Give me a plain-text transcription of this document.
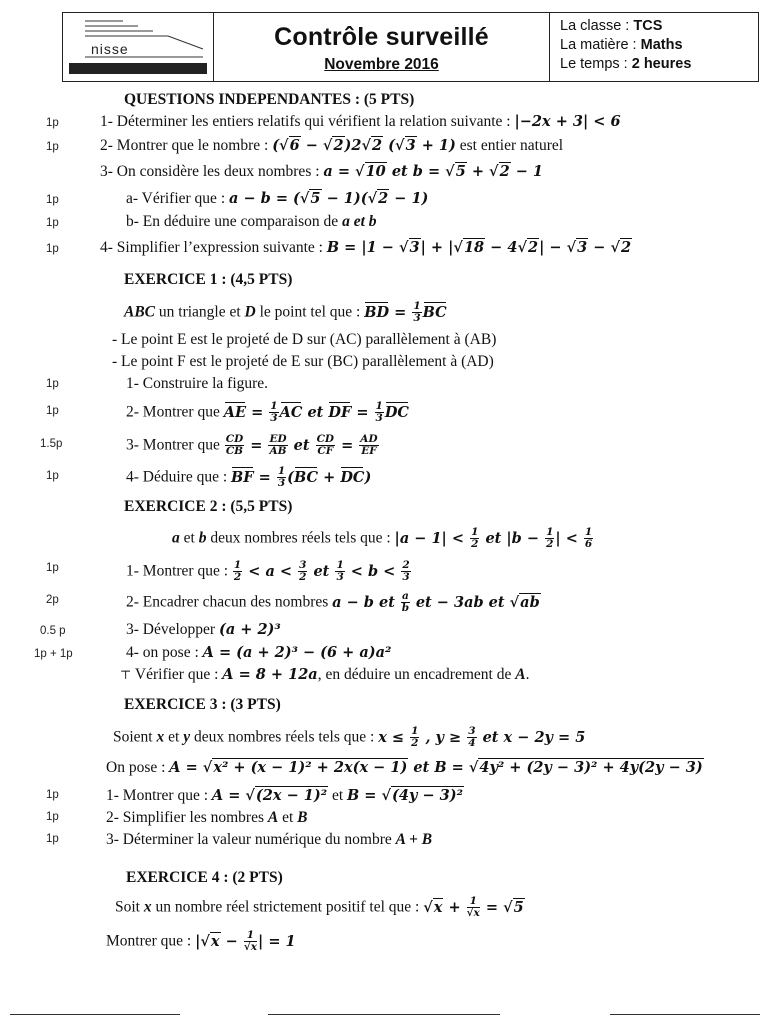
nisse	Contrôle surveillé
Novembre 2016
La classe : TCS
La matière : Maths
Le temps : 2 heures
1p
1p
1p
1p
1p
1p
1p
1.5p
1p
1p
2p
0.5 p
1p + 1p
1p
1p
1p
QUESTIONS INDEPENDANTES : (5 PTS)
1- Déterminer les entiers relatifs qui vérifient la relation suivante : |−2x + 3| < 6
2- Montrer que le nombre : (√6 − √2)2√2 (√3 + 1) est entier naturel
3- On considère les deux nombres : a = √10 et b = √5 + √2 − 1
a- Vérifier que : a − b = (√5 − 1)(√2 − 1)
b- En déduire une comparaison de a et b
4- Simplifier l’expression suivante : B = |1 − √3| + |√18 − 4√2| − √3 − √2
EXERCICE 1 : (4,5 PTS)
ABC un triangle et D le point tel que : BD = $\frac{1}{3}$ BC
- Le point E est le projeté de D sur (AC) parallèlement à (AB)
- Le point F est le projeté de E sur (BC) parallèlement à (AD)
1- Construire la figure.
2- Montrer que AE = $\frac{1}{3}$ AC et DF = $\frac{1}{3}$ DC
3- Montrer que $\frac{CD}{CB} = \frac{ED}{AB}$ et $\frac{CD}{CF} = \frac{AD}{EF}$
4- Déduire que : BF = $\frac{1}{3} (BC + DC)$
EXERCICE 2 : (5,5 PTS)
a et b deux nombres réels tels que : $|a - 1| < \frac{1}{2}$ et $|b - \frac{1}{2}$ | < $\frac{1}{6}$
1- Montrer que : $\frac{1}{2} < a < \frac{3}{2}$ et $\frac{1}{3} < b < \frac{2}{3}$
2- Encadrer chacun des nombres a − b et $\frac{a}{b}$ et − 3ab et √ab
3- Développer (a + 2)³
4- on pose : A = (a + 2)³ − (6 + a)a²
⊤ Vérifier que : A = 8 + 12a, en déduire un encadrement de A.
EXERCICE 3 : (3 PTS)
Soient x et y deux nombres réels tels que : $x \le \frac{1}{2}$ , $y \ge \frac{3}{4}$ et x − 2y = 5
On pose : A = √x² + (x − 1)² + 2x(x − 1) et B = √4y² + (2y − 3)² + 4y(2y − 3)
1- Montrer que : A = √(2x − 1)² et B = √(4y − 3)²
2- Simplifier les nombres A et B
3- Déterminer la valeur numérique du nombre A + B
EXERCICE 4 : (2 PTS)
Soit x un nombre réel strictement positif tel que : $√x + \frac{1}{√x} = √5$
Montrer que : $|√x - \frac{1}{√x}$ | = 1
